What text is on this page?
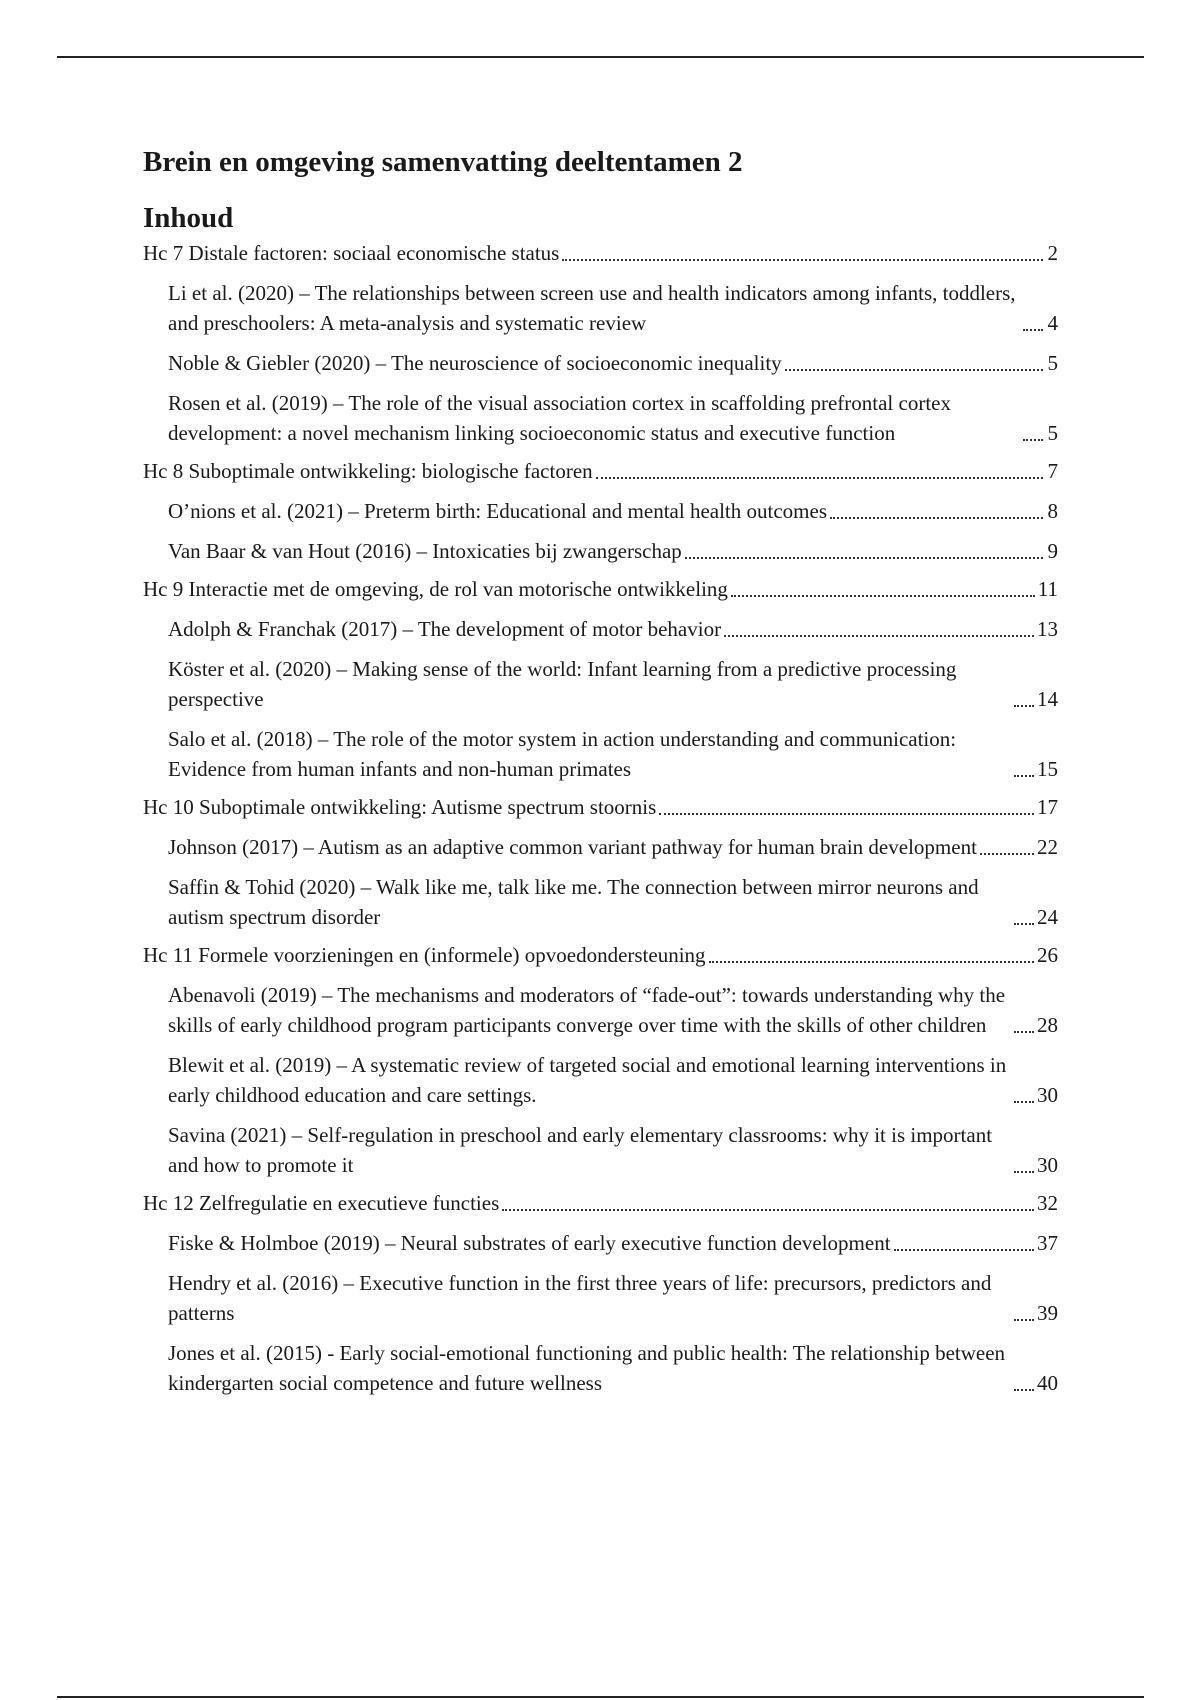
Brein en omgeving samenvatting deeltentamen 2
Inhoud
Hc 7 Distale factoren: sociaal economische status	2
Li et al. (2020) – The relationships between screen use and health indicators among infants, toddlers, and preschoolers: A meta-analysis and systematic review	4
Noble & Giebler (2020) – The neuroscience of socioeconomic inequality	5
Rosen et al. (2019) – The role of the visual association cortex in scaffolding prefrontal cortex development: a novel mechanism linking socioeconomic status and executive function	5
Hc 8 Suboptimale ontwikkeling: biologische factoren	7
O’nions et al. (2021) – Preterm birth: Educational and mental health outcomes	8
Van Baar & van Hout (2016) – Intoxicaties bij zwangerschap	9
Hc 9 Interactie met de omgeving, de rol van motorische ontwikkeling	11
Adolph & Franchak (2017) – The development of motor behavior	13
Köster et al. (2020) – Making sense of the world: Infant learning from a predictive processing perspective	14
Salo et al. (2018) – The role of the motor system in action understanding and communication: Evidence from human infants and non-human primates	15
Hc 10 Suboptimale ontwikkeling: Autisme spectrum stoornis	17
Johnson (2017) – Autism as an adaptive common variant pathway for human brain development	22
Saffin & Tohid (2020) – Walk like me, talk like me. The connection between mirror neurons and autism spectrum disorder	24
Hc 11 Formele voorzieningen en (informele) opvoedondersteuning	26
Abenavoli (2019) – The mechanisms and moderators of “fade-out”: towards understanding why the skills of early childhood program participants converge over time with the skills of other children	28
Blewit et al. (2019) – A systematic review of targeted social and emotional learning interventions in early childhood education and care settings.	30
Savina (2021) – Self-regulation in preschool and early elementary classrooms: why it is important and how to promote it	30
Hc 12 Zelfregulatie en executieve functies	32
Fiske & Holmboe (2019) – Neural substrates of early executive function development	37
Hendry et al. (2016) – Executive function in the first three years of life: precursors, predictors and patterns	39
Jones et al. (2015) - Early social-emotional functioning and public health: The relationship between kindergarten social competence and future wellness	40
